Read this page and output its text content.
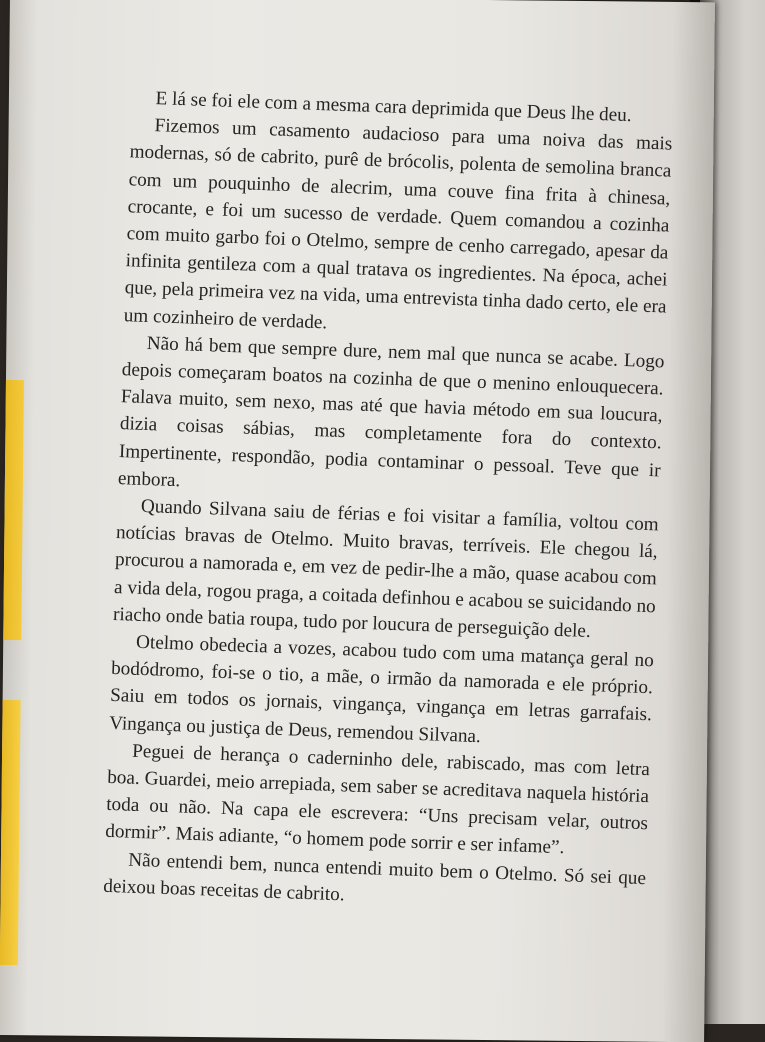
E lá se foi ele com a mesma cara deprimida que Deus lhe deu.

Fizemos um casamento audacioso para uma noiva das mais modernas, só de cabrito, purê de brócolis, polenta de semolina branca com um pouquinho de alecrim, uma couve fina frita à chinesa, crocante, e foi um sucesso de verdade. Quem comandou a cozinha com muito garbo foi o Otelmo, sempre de cenho carregado, apesar da infinita gentileza com a qual tratava os ingredientes. Na época, achei que, pela primeira vez na vida, uma entrevista tinha dado certo, ele era um cozinheiro de verdade.

Não há bem que sempre dure, nem mal que nunca se acabe. Logo depois começaram boatos na cozinha de que o menino enlouquecera. Falava muito, sem nexo, mas até que havia método em sua loucura, dizia coisas sábias, mas completamente fora do contexto. Impertinente, respondão, podia contaminar o pessoal. Teve que ir embora.

Quando Silvana saiu de férias e foi visitar a família, voltou com notícias bravas de Otelmo. Muito bravas, terríveis. Ele chegou lá, procurou a namorada e, em vez de pedir-lhe a mão, quase acabou com a vida dela, rogou praga, a coitada definhou e acabou se suicidando no riacho onde batia roupa, tudo por loucura de perseguição dele.

Otelmo obedecia a vozes, acabou tudo com uma matança geral no bodódromo, foi-se o tio, a mãe, o irmão da namorada e ele próprio. Saiu em todos os jornais, vingança, vingança em letras garrafais. Vingança ou justiça de Deus, remendou Silvana.

Peguei de herança o caderninho dele, rabiscado, mas com letra boa. Guardei, meio arrepiada, sem saber se acreditava naquela história toda ou não. Na capa ele escrevera: “Uns precisam velar, outros dormir”. Mais adiante, “o homem pode sorrir e ser infame”.

Não entendi bem, nunca entendi muito bem o Otelmo. Só sei que deixou boas receitas de cabrito.
